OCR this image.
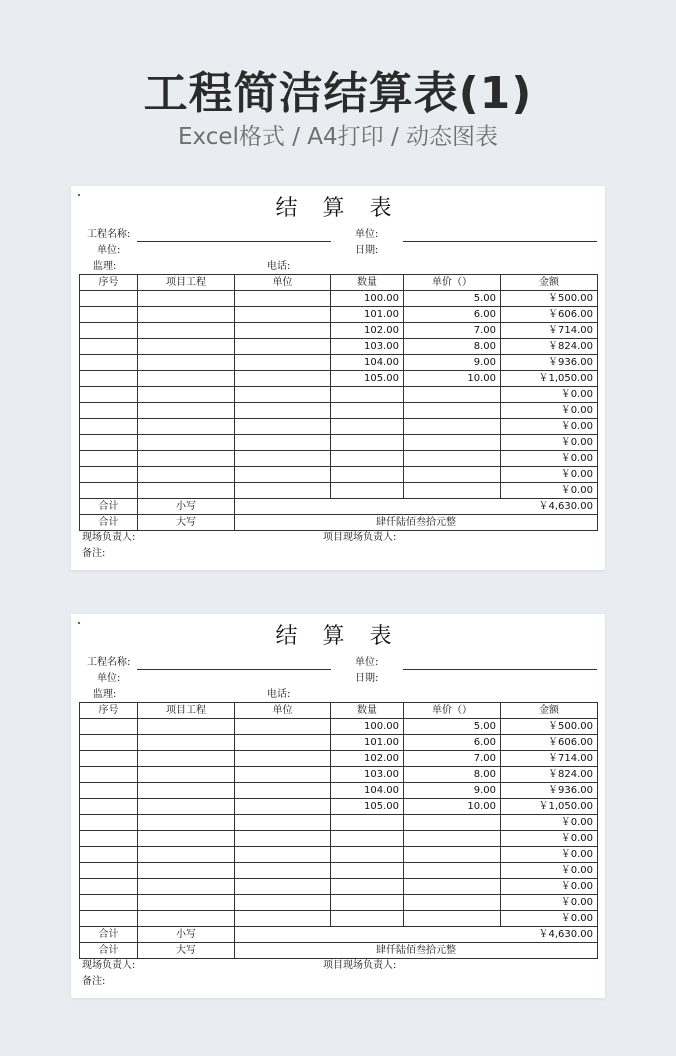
工程简洁结算表(1)
Excel格式 / A4打印 / 动态图表
结 算 表
工程名称:	单位:
单位:	日期:
监理:	电话:
序号	项目工程	单位	数量	单价（）	金额
			100.00	5.00	￥500.00
			101.00	6.00	￥606.00
			102.00	7.00	￥714.00
			103.00	8.00	￥824.00
			104.00	9.00	￥936.00
			105.00	10.00	￥1,050.00
					￥0.00
					￥0.00
					￥0.00
					￥0.00
					￥0.00
					￥0.00
					￥0.00
合计	小写	￥4,630.00			
合计	大写	肆仟陆佰叁拾元整			
现场负责人:	项目现场负责人:
备注:
结 算 表
工程名称:	单位:
单位:	日期:
监理:	电话:
序号	项目工程	单位	数量	单价（）	金额
			100.00	5.00	￥500.00
			101.00	6.00	￥606.00
			102.00	7.00	￥714.00
			103.00	8.00	￥824.00
			104.00	9.00	￥936.00
			105.00	10.00	￥1,050.00
					￥0.00
					￥0.00
					￥0.00
					￥0.00
					￥0.00
					￥0.00
					￥0.00
合计	小写	￥4,630.00			
合计	大写	肆仟陆佰叁拾元整			
现场负责人:	项目现场负责人:
备注:
